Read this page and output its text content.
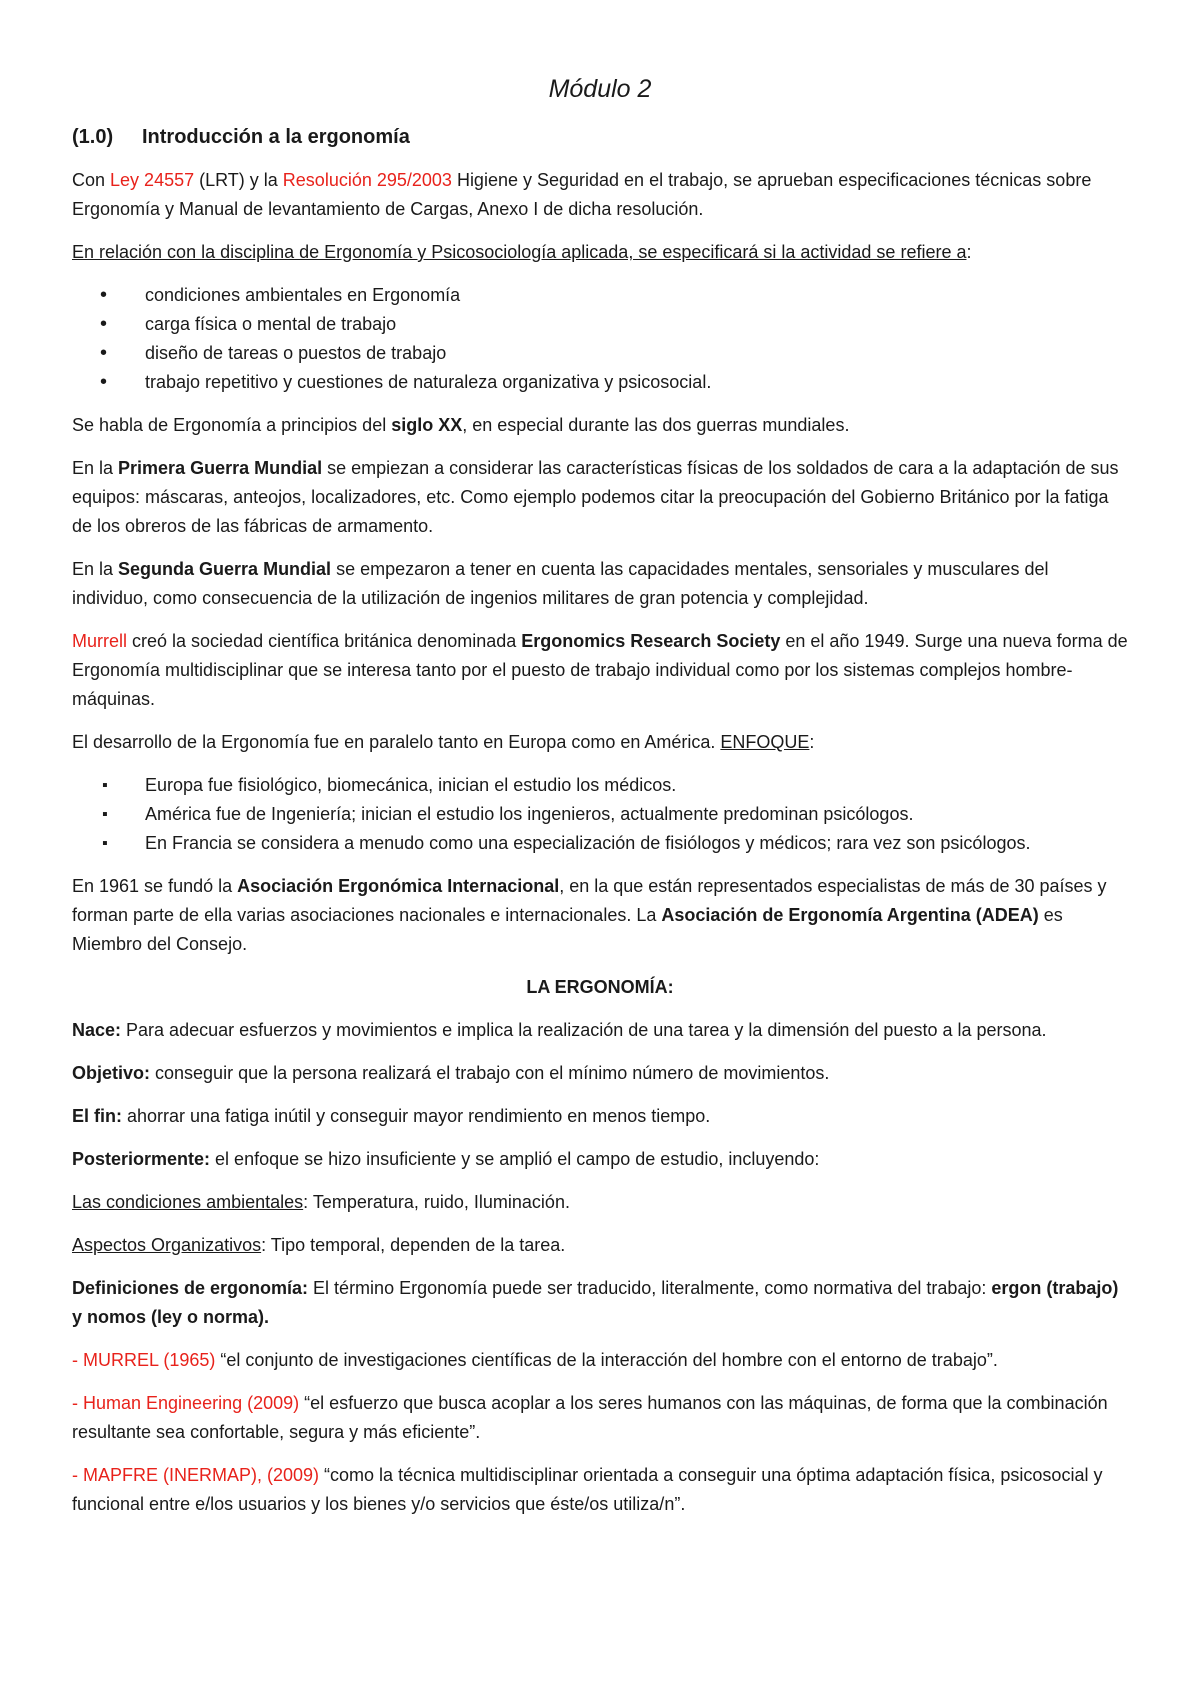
Módulo 2
(1.0) Introducción a la ergonomía

Con Ley 24557 (LRT) y la Resolución 295/2003 Higiene y Seguridad en el trabajo, se aprueban especificaciones técnicas sobre Ergonomía y Manual de levantamiento de Cargas, Anexo I de dicha resolución.

En relación con la disciplina de Ergonomía y Psicosociología aplicada, se especificará si la actividad se refiere a:

• condiciones ambientales en Ergonomía
• carga física o mental de trabajo
• diseño de tareas o puestos de trabajo
• trabajo repetitivo y cuestiones de naturaleza organizativa y psicosocial.

Se habla de Ergonomía a principios del siglo XX, en especial durante las dos guerras mundiales.

En la Primera Guerra Mundial se empiezan a considerar las características físicas de los soldados de cara a la adaptación de sus equipos: máscaras, anteojos, localizadores, etc. Como ejemplo podemos citar la preocupación del Gobierno Británico por la fatiga de los obreros de las fábricas de armamento.

En la Segunda Guerra Mundial se empezaron a tener en cuenta las capacidades mentales, sensoriales y musculares del individuo, como consecuencia de la utilización de ingenios militares de gran potencia y complejidad.

Murrell creó la sociedad científica británica denominada Ergonomics Research Society en el año 1949. Surge una nueva forma de Ergonomía multidisciplinar que se interesa tanto por el puesto de trabajo individual como por los sistemas complejos hombre-máquinas.

El desarrollo de la Ergonomía fue en paralelo tanto en Europa como en América. ENFOQUE:

▪ Europa fue fisiológico, biomecánica, inician el estudio los médicos.
▪ América fue de Ingeniería; inician el estudio los ingenieros, actualmente predominan psicólogos.
▪ En Francia se considera a menudo como una especialización de fisiólogos y médicos; rara vez son psicólogos.

En 1961 se fundó la Asociación Ergonómica Internacional, en la que están representados especialistas de más de 30 países y forman parte de ella varias asociaciones nacionales e internacionales. La Asociación de Ergonomía Argentina (ADEA) es Miembro del Consejo.

LA ERGONOMÍA:

Nace: Para adecuar esfuerzos y movimientos e implica la realización de una tarea y la dimensión del puesto a la persona.

Objetivo: conseguir que la persona realizará el trabajo con el mínimo número de movimientos.

El fin: ahorrar una fatiga inútil y conseguir mayor rendimiento en menos tiempo.

Posteriormente: el enfoque se hizo insuficiente y se amplió el campo de estudio, incluyendo:

Las condiciones ambientales: Temperatura, ruido, Iluminación.

Aspectos Organizativos: Tipo temporal, dependen de la tarea.

Definiciones de ergonomía: El término Ergonomía puede ser traducido, literalmente, como normativa del trabajo: ergon (trabajo) y nomos (ley o norma).

- MURREL (1965) “el conjunto de investigaciones científicas de la interacción del hombre con el entorno de trabajo”.

- Human Engineering (2009) “el esfuerzo que busca acoplar a los seres humanos con las máquinas, de forma que la combinación resultante sea confortable, segura y más eficiente”.

- MAPFRE (INERMAP), (2009) “como la técnica multidisciplinar orientada a conseguir una óptima adaptación física, psicosocial y funcional entre e/los usuarios y los bienes y/o servicios que éste/os utiliza/n”.
